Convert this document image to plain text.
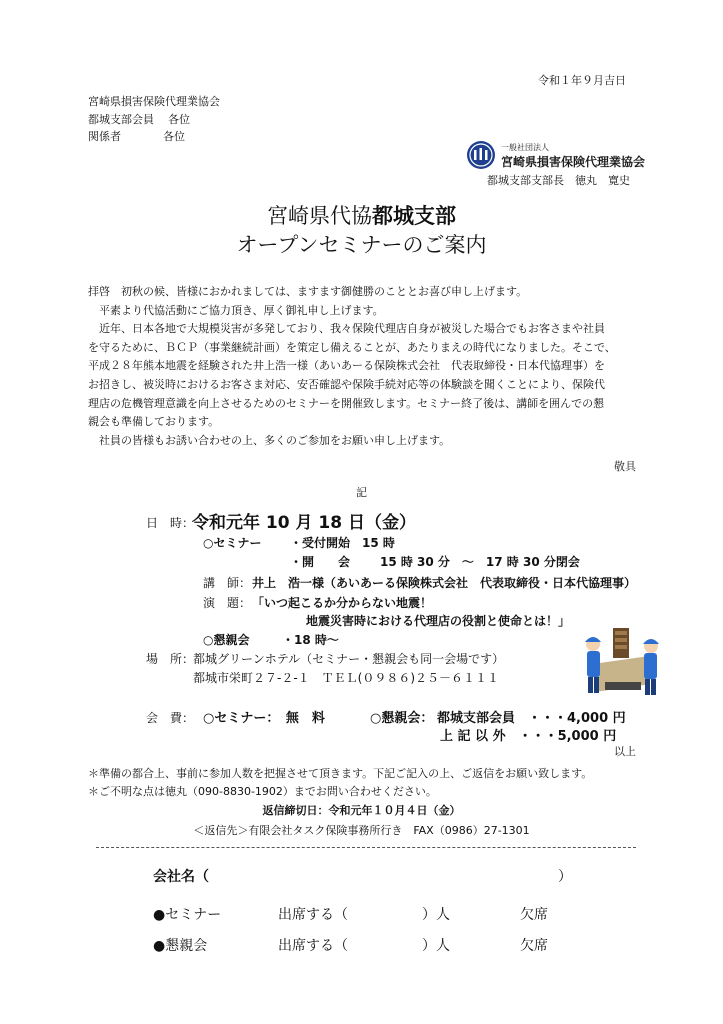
令和１年９月吉日
宮崎県損害保険代理業協会
都城支部会員 各位
関係者	各位
一般社団法人
宮崎県損害保険代理業協会
都城支部支部長　徳丸　寛史
宮崎県代協都城支部
オープンセミナーのご案内
拝啓　初秋の候、皆様におかれましては、ますます御健勝のこととお喜び申し上げます。
　平素より代協活動にご協力頂き、厚く御礼申し上げます。
　近年、日本各地で大規模災害が多発しており、我々保険代理店自身が被災した場合でもお客さまや社員
を守るために、ＢＣＰ（事業継続計画）を策定し備えることが、あたりまえの時代になりました。そこで、
平成２８年熊本地震を経験された井上浩一様（あいあーる保険株式会社　代表取締役・日本代協理事）を
お招きし、被災時におけるお客さま対応、安否確認や保険手続対応等の体験談を聞くことにより、保険代
理店の危機管理意識を向上させるためのセミナーを開催致します。セミナー終了後は、講師を囲んでの懇
親会も準備しております。
　社員の皆様もお誘い合わせの上、多くのご参加をお願い申し上げます。
敬具
記
日　時：
令和元年 10 月 18 日（金）
○セミナー ・受付開始　15 時
・開　　会 15 時 30 分　～　17 時 30 分閉会
講　師： 井上　浩一様（あいあーる保険株式会社　代表取締役・日本代協理事）
演　題： 「いつ起こるか分からない地震！
地震災害時における代理店の役割と使命とは！」
○懇親会	・18 時～
場　所：
都城グリーンホテル（セミナー・懇親会も同一会場です）
都城市栄町２７-２-１　ＴＥＬ(０９８６)２５－６１１１
会　費： ○セミナー：　無　料	○懇親会： 都城支部会員　・・・4,000 円
上 記 以 外　・・・5,000 円
以上
＊準備の都合上、事前に参加人数を把握させて頂きます。下記ご記入の上、ご返信をお願い致します。
＊ご不明な点は徳丸（090-8830-1902）までお問い合わせください。
返信締切日：令和元年１０月４日（金）
＜返信先＞有限会社タスク保険事務所行き　FAX（0986）27-1301
会社名（	）
●セミナー	出席する（	）人	欠席
●懇親会	出席する（	）人	欠席
